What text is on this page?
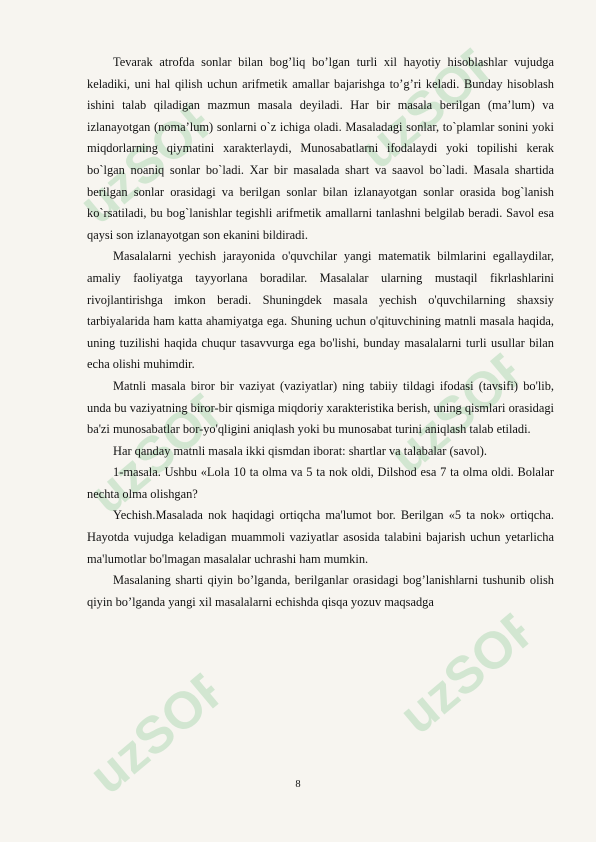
uzSOFF uzSOFF
uzSOFF uzSOFF
uzSOFF uzSOFF

Tevarak atrofda sonlar bilan bog’liq bo’lgan turli xil hayotiy hisoblashlar vujudga keladiki, uni hal qilish uchun arifmetik amallar bajarishga to’g’ri keladi. Bunday hisoblash ishini talab qiladigan mazmun masala deyiladi. Har bir masala berilgan (ma’lum) va izlanayotgan (noma’lum) sonlarni o`z ichiga oladi. Masaladagi sonlar, to`plamlar sonini yoki miqdorlarning qiymatini xarakterlaydi, Munosabatlarni ifodalaydi yoki topilishi kerak bo`lgan noaniq sonlar bo`ladi. Xar bir masalada shart va saavol bo`ladi. Masala shartida berilgan sonlar orasidagi va berilgan sonlar bilan izlanayotgan sonlar orasida bog`lanish ko`rsatiladi, bu bog`lanishlar tegishli arifmetik amallarni tanlashni belgilab beradi. Savol esa qaysi son izlanayotgan son ekanini bildiradi.

Masalalarni yechish jarayonida o'quvchilar yangi matematik bilmlarini egallaydilar, amaliy faoliyatga tayyorlana boradilar. Masalalar ularning mustaqil fikrlashlarini rivojlantirishga imkon beradi. Shuningdek masala yechish o'quvchilarning shaxsiy tarbiyalarida ham katta ahamiyatga ega. Shuning uchun o'qituvchining matnli masala haqida, uning tuzilishi haqida chuqur tasavvurga ega bo'lishi, bunday masalalarni turli usullar bilan echa olishi muhimdir.

Matnli masala biror bir vaziyat (vaziyatlar) ning tabiiy tildagi ifodasi (tavsifi) bo'lib, unda bu vaziyatning biror-bir qismiga miqdoriy xarakteristika berish, uning qismlari orasidagi ba'zi munosabatlar bor-yo'qligini aniqlash yoki bu munosabat turini aniqlash talab etiladi.

Har qanday matnli masala ikki qismdan iborat: shartlar va talabalar (savol).

1-masala. Ushbu «Lola 10 ta olma va 5 ta nok oldi, Dilshod esa 7 ta olma oldi. Bolalar nechta olma olishgan?

Yechish.Masalada nok haqidagi ortiqcha ma'lumot bor. Berilgan «5 ta nok» ortiqcha. Hayotda vujudga keladigan muammoli vaziyatlar asosida talabini bajarish uchun yetarlicha ma'lumotlar bo'lmagan masalalar uchrashi ham mumkin.

Masalaning sharti qiyin bo’lganda, berilganlar orasidagi bog’lanishlarni tushunib olish qiyin bo’lganda yangi xil masalalarni echishda qisqa yozuv maqsadga

8
